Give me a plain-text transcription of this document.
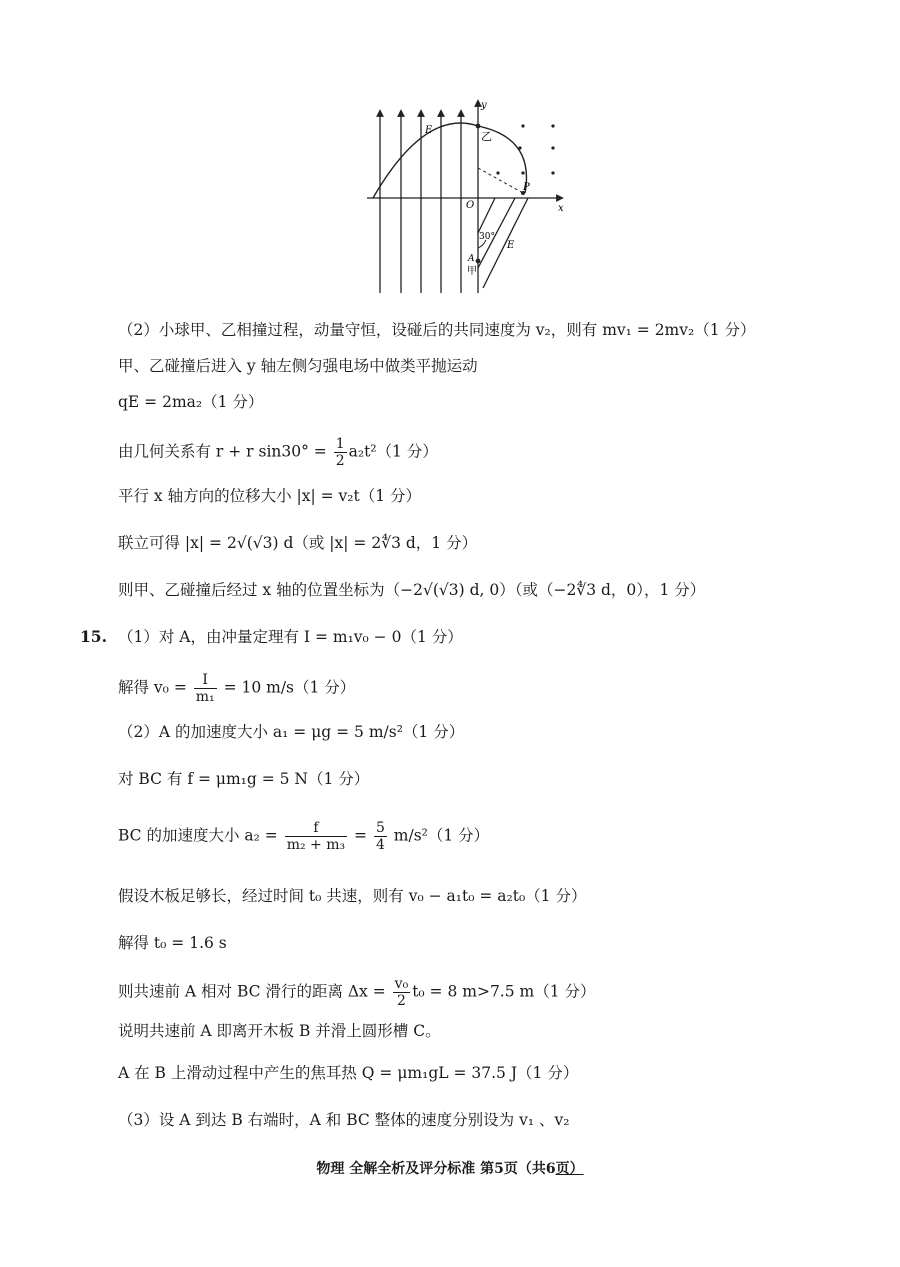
y
x
O
E
E
乙
P
30°
A
甲
（2）小球甲、乙相撞过程，动量守恒，设碰后的共同速度为 v₂，则有 mv₁ = 2mv₂（1 分）
甲、乙碰撞后进入 y 轴左侧匀强电场中做类平抛运动
qE = 2ma₂（1 分）
由几何关系有 r + r $\sin 30^\circ = \frac{1}{2} a_2t^2(1$ 分）
平行 x 轴方向的位移大小 |x| = v₂t（1 分）
联立可得 |x| = 2√(√3) d（或 |x| = 2∜3 d，1 分）
则甲、乙碰撞后经过 x 轴的位置坐标为（−2√(√3) d, 0）（或（−2∜3 d，0），1 分）
15. （1）对 A，由冲量定理有 I = m₁v₀ − 0（1 分）
解得 $v_0 = \frac{I}{\text{m₁}} = 10$ m/s（1 分）
（2）A 的加速度大小 a₁ = μg = 5 m/s²（1 分）
对 BC 有 f = μm₁g = 5 N（1 分）
BC 的加速度大小 $a_2 = \frac{f}{\text{m₂ + m₃}} = \frac{5}{4} m/s^2(1$ 分）
假设木板足够长，经过时间 t₀ 共速，则有 v₀ − a₁t₀ = a₂t₀（1 分）
解得 t₀ = 1.6 s
则共速前 A 相对 BC 滑行的距离 $\Delta x = \frac{\text{v₀}}{2} t_0 = 8$ m>7.5 m（1 分）
说明共速前 A 即离开木板 B 并滑上圆形槽 C。
A 在 B 上滑动过程中产生的焦耳热 Q = μm₁gL = 37.5 J（1 分）
（3）设 A 到达 B 右端时，A 和 BC 整体的速度分别设为 v₁ 、v₂
物理 全解全析及评分标准 第5页（共6页）
